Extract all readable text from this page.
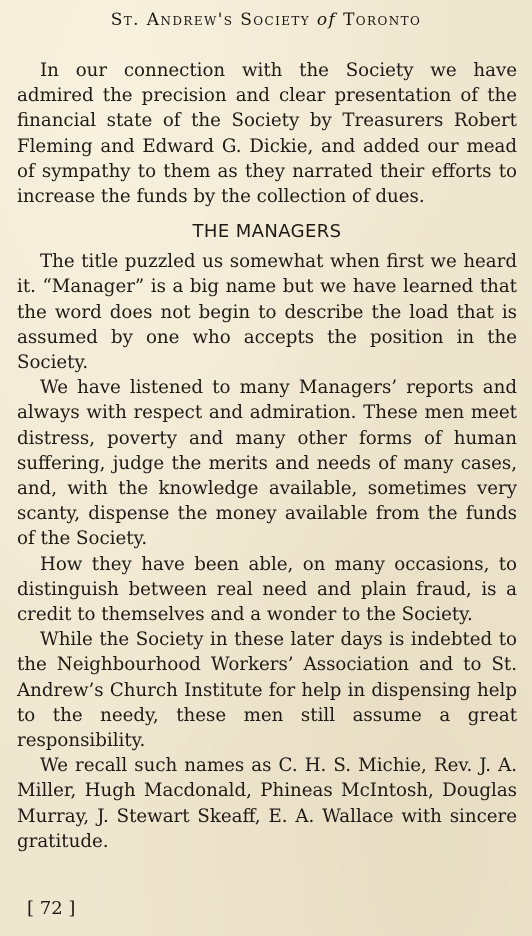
St. Andrew's Society of Toronto

In our connection with the Society we have admired the precision and clear presentation of the financial state of the Society by Treasurers Robert Fleming and Edward G. Dickie, and added our mead of sympathy to them as they narrated their efforts to increase the funds by the collection of dues.

THE MANAGERS

The title puzzled us somewhat when first we heard it. “Manager” is a big name but we have learned that the word does not begin to describe the load that is assumed by one who accepts the position in the Society.

We have listened to many Managers’ reports and always with respect and admiration. These men meet distress, poverty and many other forms of human suffering, judge the merits and needs of many cases, and, with the knowledge available, sometimes very scanty, dispense the money available from the funds of the Society.

How they have been able, on many occasions, to distinguish between real need and plain fraud, is a credit to themselves and a wonder to the Society.

While the Society in these later days is indebted to the Neighbourhood Workers’ Association and to St. Andrew’s Church Institute for help in dispensing help to the needy, these men still assume a great responsibility.

We recall such names as C. H. S. Michie, Rev. J. A. Miller, Hugh Macdonald, Phineas McIntosh, Douglas Murray, J. Stewart Skeaff, E. A. Wallace with sincere gratitude.

[ 72 ]
